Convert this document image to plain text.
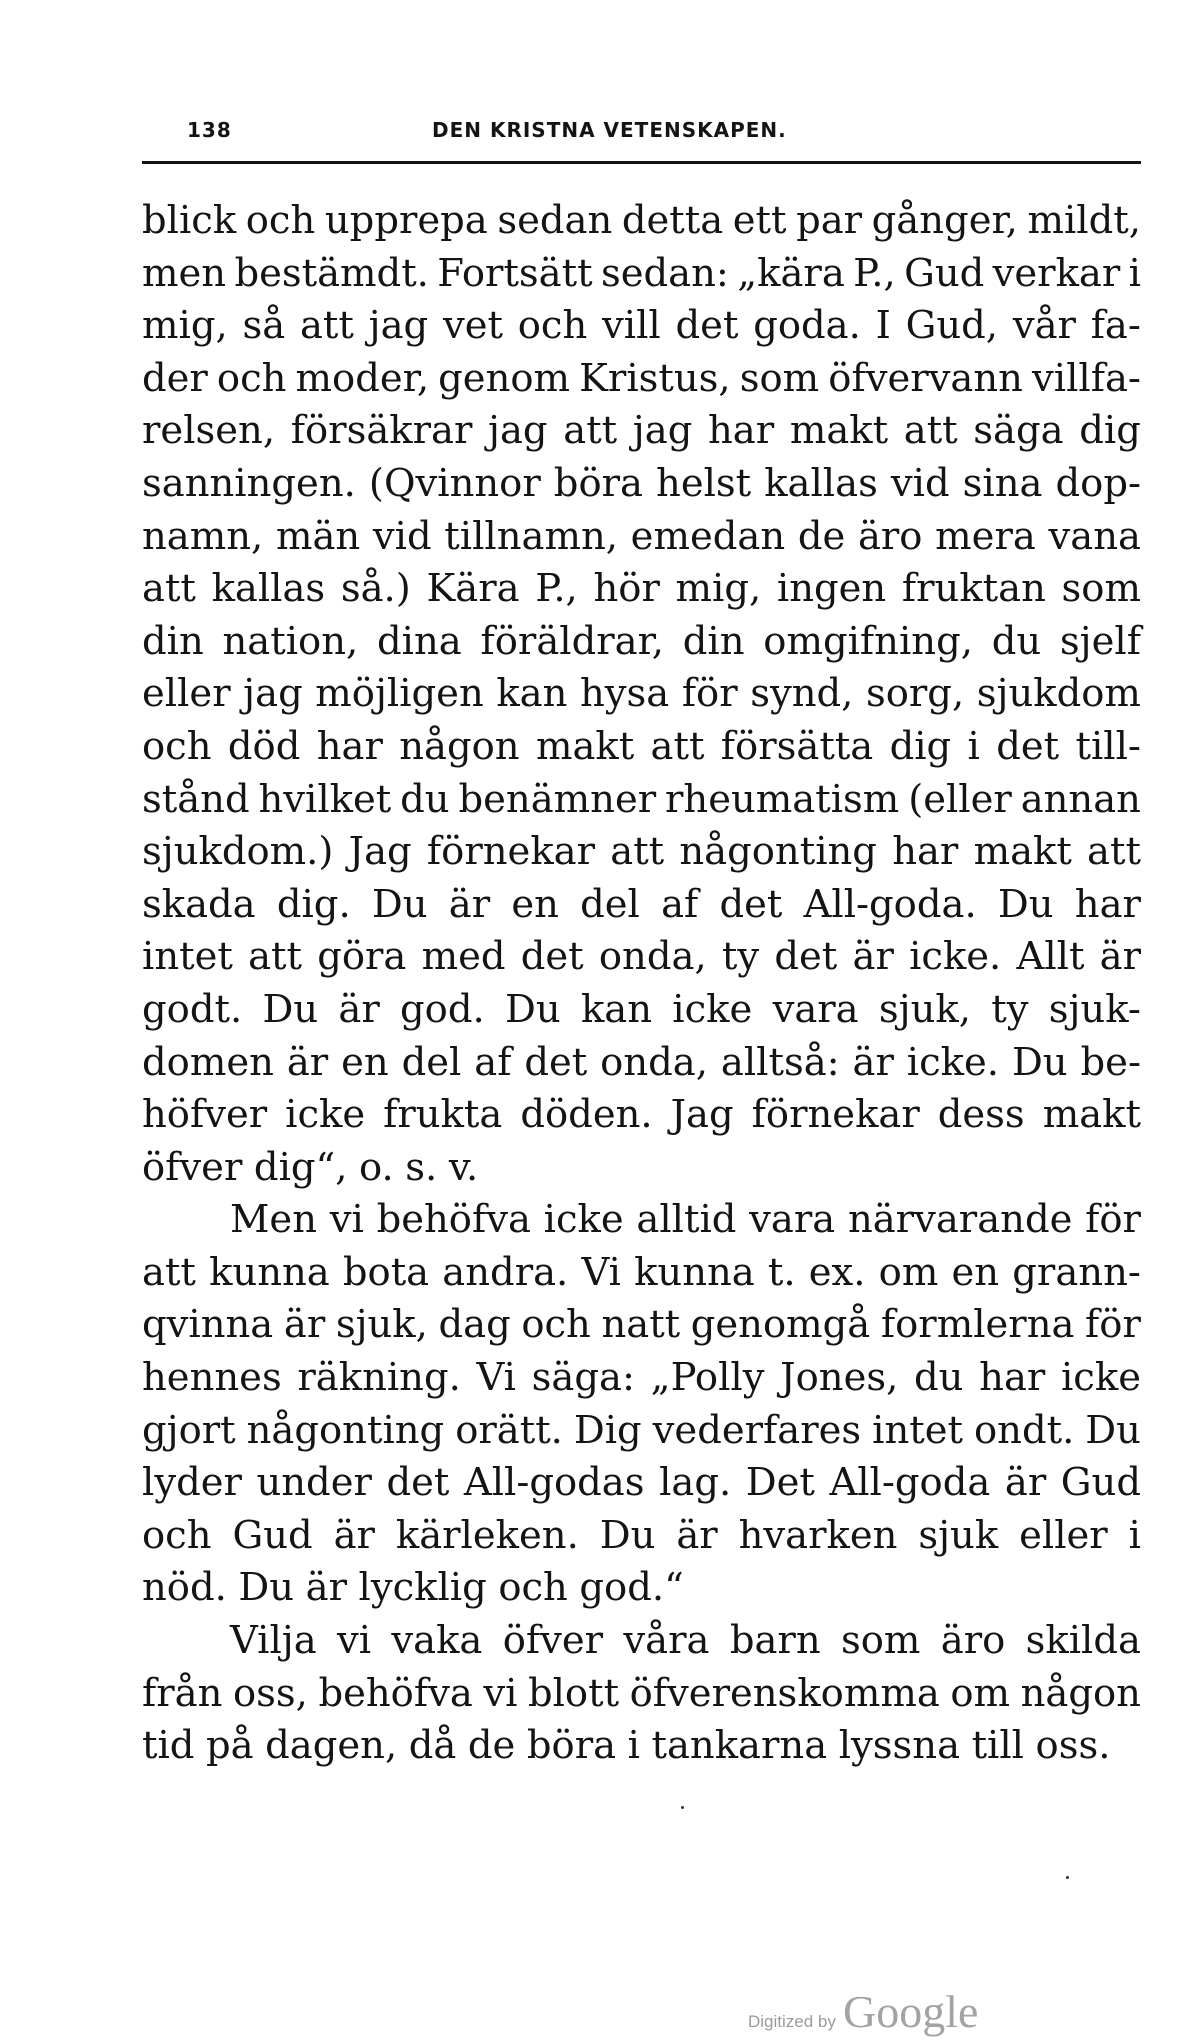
138	DEN KRISTNA VETENSKAPEN.
blick och upprepa sedan detta ett par gånger, mildt,
men bestämdt. Fortsätt sedan: „kära P., Gud verkar i
mig, så att jag vet och vill det goda. I Gud, vår fa-
der och moder, genom Kristus, som öfvervann villfa-
relsen, försäkrar jag att jag har makt att säga dig
sanningen. (Qvinnor böra helst kallas vid sina dop-
namn, män vid tillnamn, emedan de äro mera vana
att kallas så.) Kära P., hör mig, ingen fruktan som
din nation, dina föräldrar, din omgifning, du sjelf
eller jag möjligen kan hysa för synd, sorg, sjukdom
och död har någon makt att försätta dig i det till-
stånd hvilket du benämner rheumatism (eller annan
sjukdom.) Jag förnekar att någonting har makt att
skada dig. Du är en del af det All-goda. Du har
intet att göra med det onda, ty det är icke. Allt är
godt. Du är god. Du kan icke vara sjuk, ty sjuk-
domen är en del af det onda, alltså: är icke. Du be-
höfver icke frukta döden. Jag förnekar dess makt
öfver dig“, o. s. v.
Men vi behöfva icke alltid vara närvarande för
att kunna bota andra. Vi kunna t. ex. om en grann-
qvinna är sjuk, dag och natt genomgå formlerna för
hennes räkning. Vi säga: „Polly Jones, du har icke
gjort någonting orätt. Dig vederfares intet ondt. Du
lyder under det All-godas lag. Det All-goda är Gud
och Gud är kärleken. Du är hvarken sjuk eller i
nöd. Du är lycklig och god.“
Vilja vi vaka öfver våra barn som äro skilda
från oss, behöfva vi blott öfverenskomma om någon
tid på dagen, då de böra i tankarna lyssna till oss.
Digitized by Google
